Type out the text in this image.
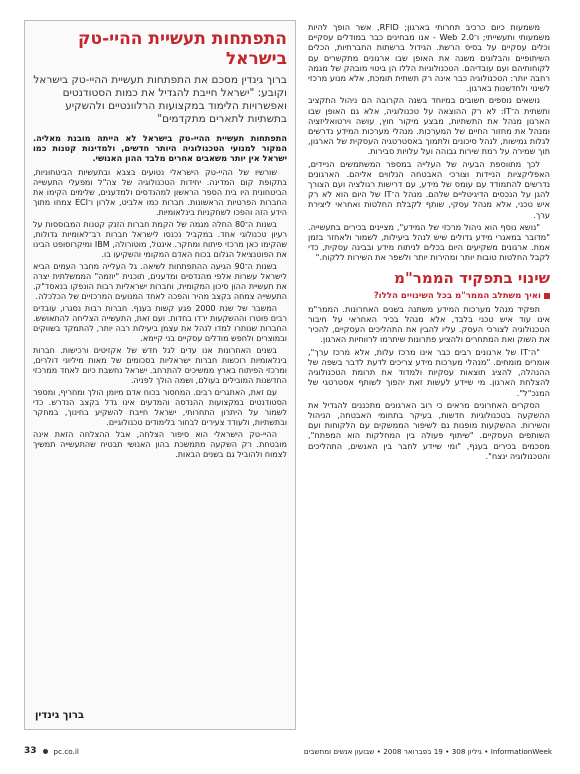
משמעות כיום כרכיב תחרותי בארגון; RFID, אשר הופך להיות משמעותי ותעשייתי; ו־2.0 Web - אנו מבחינים כבר במודלים עסקיים וכלים עסקיים על בסיס הרשת. הגידול ברשתות החברתיות, הכלים השיתופיים והבלוגים משנה את האופן שבו ארגונים מתקשרים עם לקוחותיהם ועם עובדיהם. הטכנולוגיות הללו הן ביטוי מובהק של מגמה רחבה יותר: הטכנולוגיה כבר אינה רק תשתית תומכת, אלא מנוע מרכזי לשינוי ולחדשנות בארגון.

נושאים נוספים חשובים במיוחד בשנה הקרובה הם ניהול התקציב ותשתית ה־IT: לא רק ההוצאה על טכנולוגיה, אלא גם האופן שבו הארגון מנהל את התשתיות, מבצע מיקור חוץ, עושה וירטואליזציה ומנהל את מחזור החיים של המערכות. מנהלי מערכות המידע נדרשים לגלות גמישות, לנהל סיכונים ולתמוך באסטרטגיה העסקית של הארגון, תוך שמירה על רמת שירות גבוהה ועל עלויות סבירות.

לכך מתווספת הבעיה של העלייה במספר המשתמשים הניידים, האפליקציות הניידות וצורכי האבטחה הנלווים אליהם. הארגונים נדרשים להתמודד עם עומס של מידע, עם דרישות רגולציה ועם הצורך להגן על הנכסים הדיגיטליים שלהם. מנהל ה־IT של היום הוא לא רק איש טכני, אלא מנהל עסקי, שותף לקבלת החלטות ואחראי ליצירת ערך.

"נושא נוסף הוא ניהול מרכזי של המידע", מציינים בכירים בתעשייה. "מדובר במאגרי מידע גדולים שיש לנהל ביעילות, לשמור ולאחזר בזמן אמת. ארגונים משקיעים היום בכלים לניתוח מידע ובבינה עסקית, כדי לקבל החלטות טובות יותר ומהירות יותר ולשפר את השירות ללקוח."

שינוי בתפקיד הממר"מ
ואיך משתלב הממר"מ בכל השינויים הללו?

תפקיד מנהל מערכות המידע משתנה בשנים האחרונות. הממר"מ אינו עוד איש טכני בלבד, אלא מנהל בכיר האחראי על חיבור הטכנולוגיה לצורכי העסק. עליו להבין את התהליכים העסקיים, להכיר את השוק ואת המתחרים ולהציע פתרונות שיתרמו לרווחיות הארגון.

"ה־IT של ארגונים רבים כבר אינו מרכז עלות, אלא מרכז ערך", אומרים מומחים. "מנהלי מערכות מידע צריכים לדעת לדבר בשפה של ההנהלה, להציג תוצאות עסקיות ולמדוד את תרומת הטכנולוגיה להצלחת הארגון. מי שיידע לעשות זאת יהפוך לשותף אסטרטגי של המנכ"ל".

הסקרים האחרונים מראים כי רוב הארגונים מתכננים להגדיל את ההשקעה בטכנולוגיות חדשות, בעיקר בתחומי האבטחה, הניהול והשירות. ההשקעות מופנות גם לשיפור הממשקים עם הלקוחות ועם השותפים העסקיים. "שיתוף פעולה בין המחלקות הוא המפתח", מסכמים בכירים בענף, "ומי שיידע לחבר בין האנשים, התהליכים והטכנולוגיה ינצח".

התפתחות תעשיית ההיי-טק בישראל
ברוך גינדין מסכם את התפתחות תעשיית ההיי-טק בישראל וקובע: "ישראל חייבת להגדיל את כמות הסטודנטים ואפשרויות הלימוד במקצועות הרלוונטיים ולהשקיע בתשתיות לתארים מתקדמים"
התפתחות תעשיית ההיי-טק בישראל לא הייתה מובנת מאליה. המקור למנועי הטכנולוגיה היותר חדשים, ולמדינות קטנות כמו ישראל אין יותר משאבים אחרים מלבד ההון האנושי.

שורשיו של ההיי-טק הישראלי נטועים בצבא ובתעשיות הביטחוניות, בתקופת קום המדינה. יחידות הטכנולוגיה של צה"ל ומפעלי התעשייה הביטחונית היו בית הספר הראשון למהנדסים ולמדענים, שלימים הקימו את החברות הפרטיות הראשונות. חברות כמו אלביט, אלרון ו־ECI צמחו מתוך הידע הזה והפכו לשחקניות בינלאומיות.

בשנות ה־80 החלה מגמה של הקמת חברות הזנק קטנות המבוססות על רעיון טכנולוגי אחד. במקביל נכנסו לישראל חברות רב־לאומיות גדולות, שהקימו כאן מרכזי פיתוח ומחקר. אינטל, מוטורולה, IBM ומיקרוסופט הבינו את הפוטנציאל הגלום בכוח האדם המקומי והשקיעו בו.

בשנות ה־90 הגיעה ההתפתחות לשיאה. גל העלייה מחבר העמים הביא לישראל עשרות אלפי מהנדסים ומדענים, תוכנית "יוזמה" הממשלתית יצרה את תעשיית ההון סיכון המקומית, וחברות ישראליות רבות הונפקו בנאסד"ק. התעשייה צמחה בקצב מהיר והפכה לאחד המנועים המרכזיים של הכלכלה.

המשבר של שנת 2000 פגע קשות בענף. חברות רבות נסגרו, עובדים רבים פוטרו וההשקעות ירדו בחדות. ועם זאת, התעשייה הצליחה להתאושש. החברות שנותרו למדו לנהל את עצמן ביעילות רבה יותר, להתמקד בשווקים ובמוצרים ולחפש מודלים עסקיים בני קיימא.

בשנים האחרונות אנו עדים לגל חדש של אקזיטים ורכישות. חברות בינלאומיות רוכשות חברות ישראליות בסכומים של מאות מיליוני דולרים, ומרכזי הפיתוח בארץ ממשיכים להתרחב. ישראל נחשבת כיום לאחד ממרכזי החדשנות המובילים בעולם, ושמה הולך לפניה.

עם זאת, האתגרים רבים. המחסור בכוח אדם מיומן הולך ומחריף, ומספר הסטודנטים במקצועות ההנדסה והמדעים אינו גדל בקצב הנדרש. כדי לשמור על היתרון התחרותי, ישראל חייבת להשקיע בחינוך, במחקר ובתשתיות, ולעודד צעירים לבחור בלימודים טכנולוגיים.

ההיי-טק הישראלי הוא סיפור הצלחה, אבל ההצלחה הזאת אינה מובטחת. רק השקעה מתמשכת בהון האנושי תבטיח שהתעשייה תמשיך לצמוח ולהוביל גם בשנים הבאות.

ברוך גינדין
33 pc.co.il	InformationWeek • גיליון 308 • 19 בפברואר 2008 • שבועון אנשים ומחשבים
